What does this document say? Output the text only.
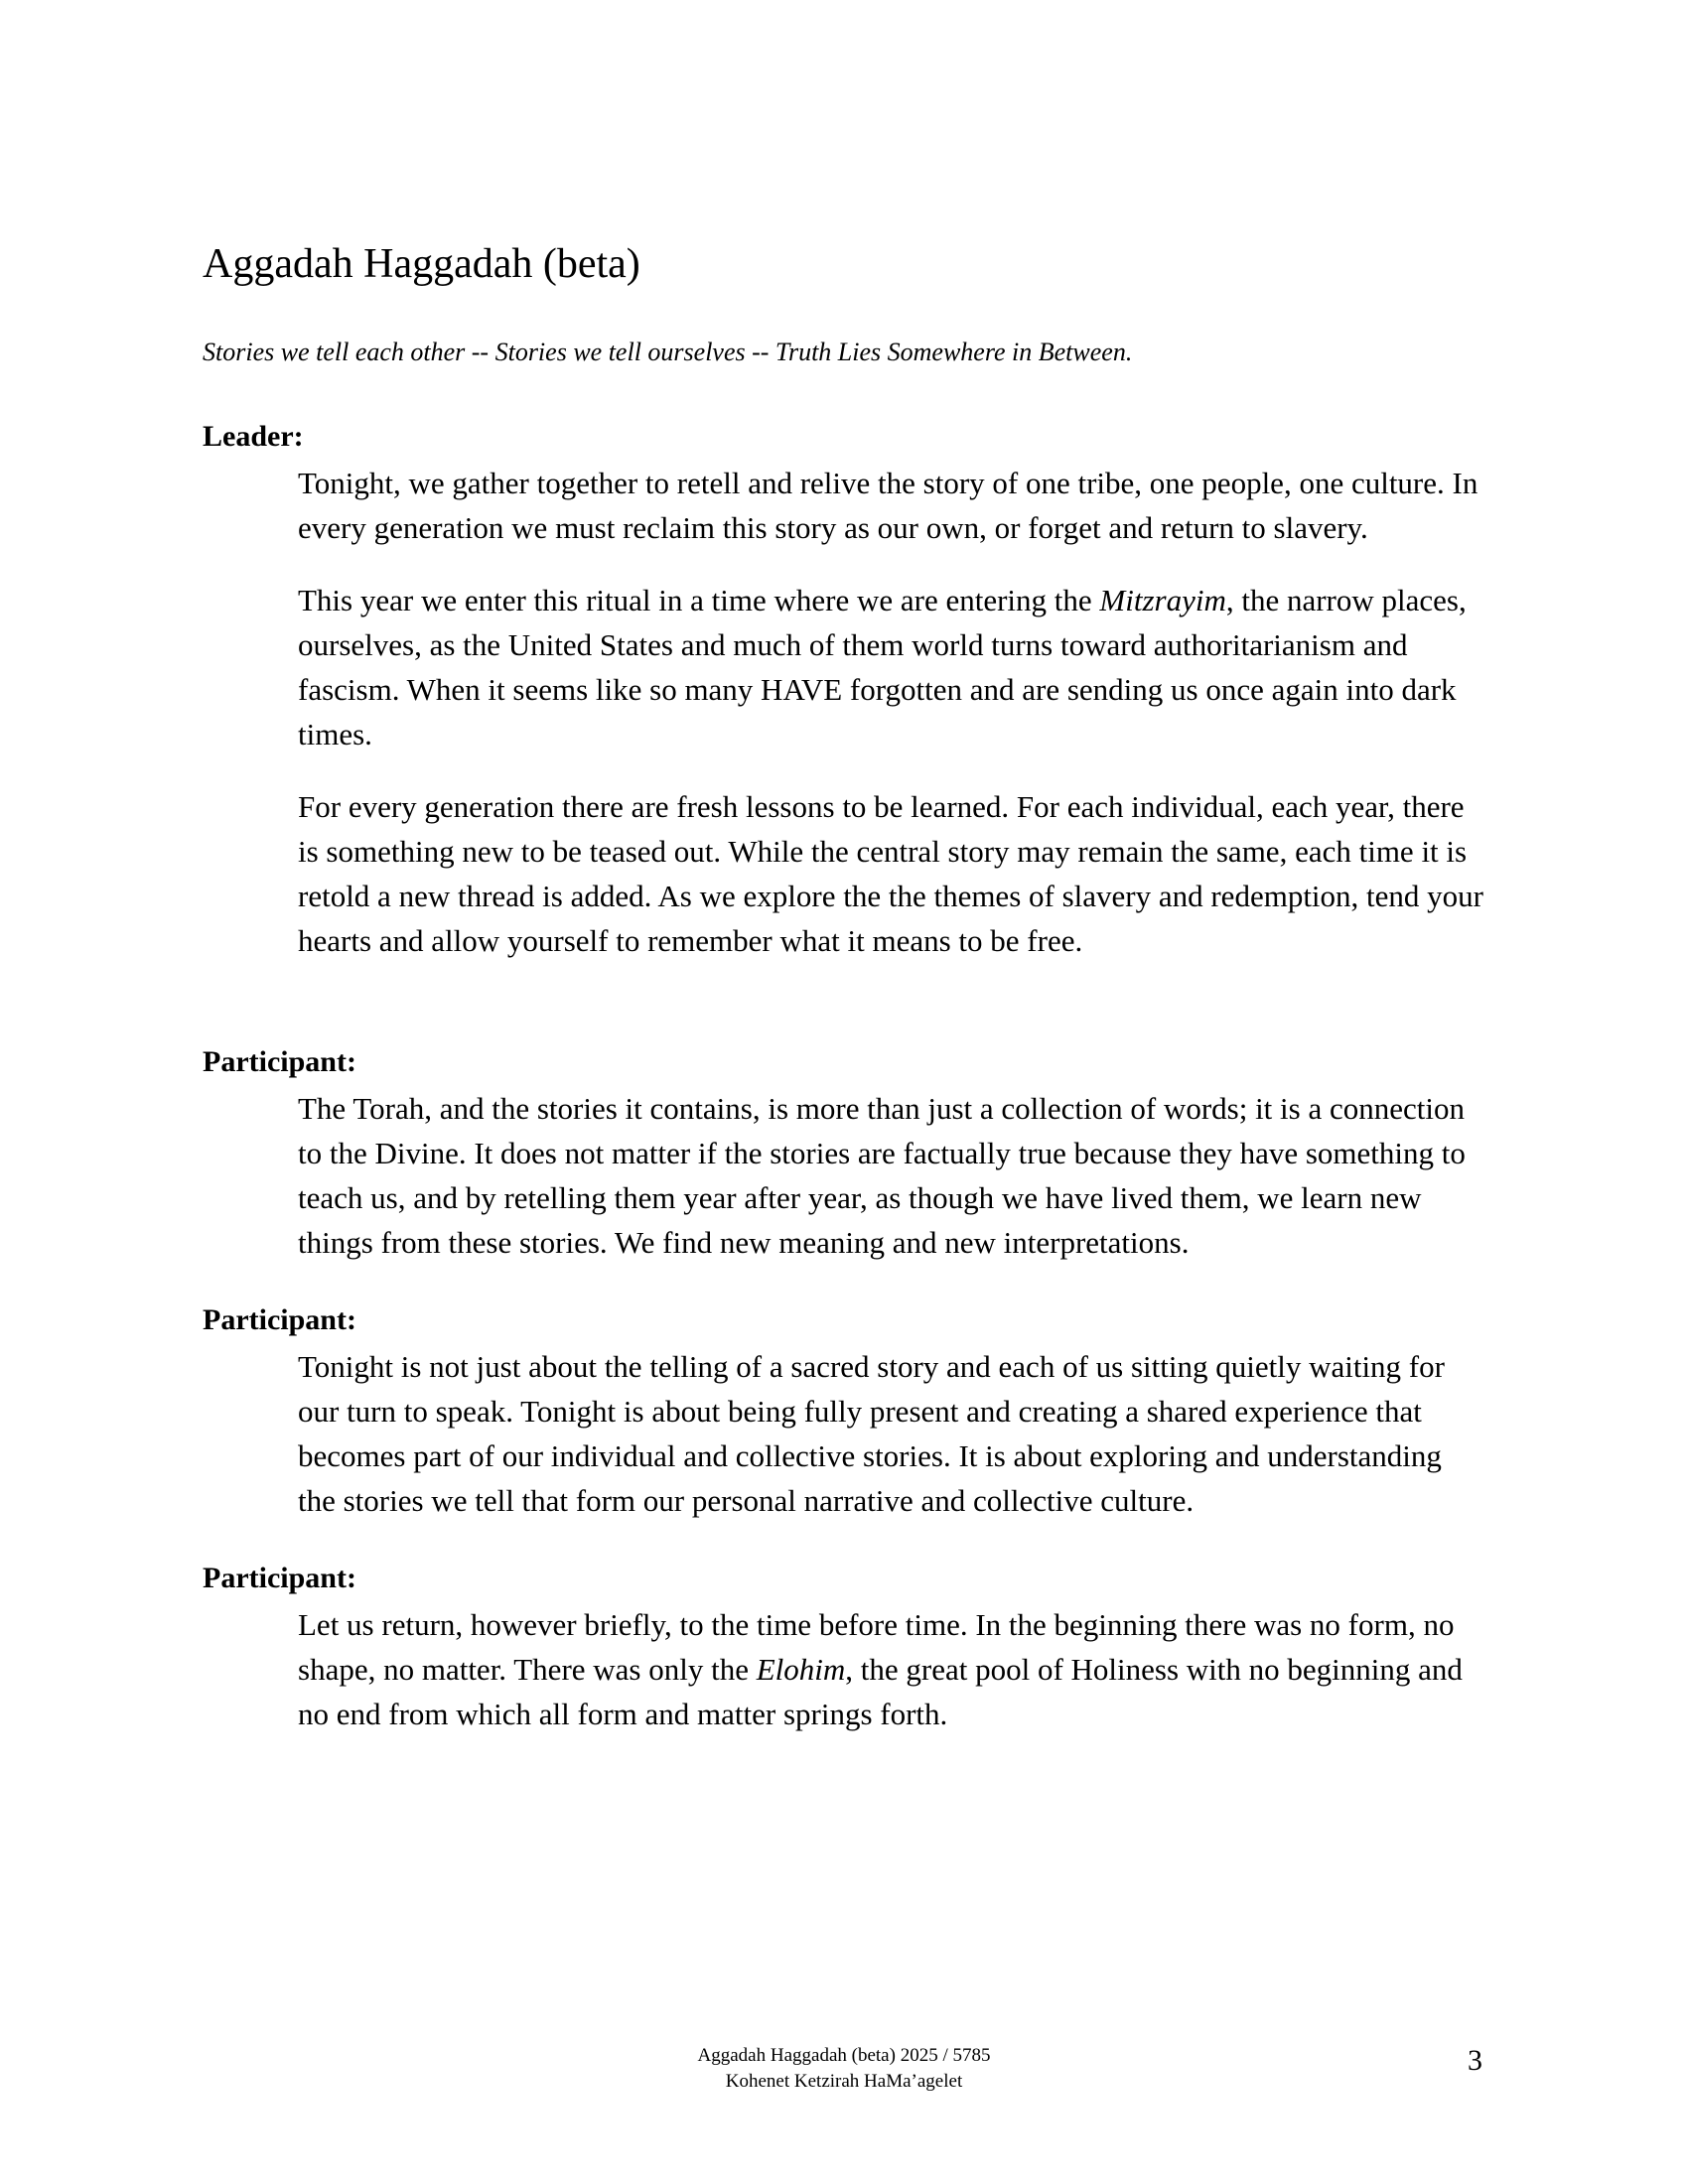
Aggadah Haggadah (beta)

Stories we tell each other -- Stories we tell ourselves -- Truth Lies Somewhere in Between.

Leader:

Tonight, we gather together to retell and relive the story of one tribe, one people, one culture. In every generation we must reclaim this story as our own, or forget and return to slavery.

This year we enter this ritual in a time where we are entering the Mitzrayim, the narrow places, ourselves, as the United States and much of them world turns toward authoritarianism and fascism. When it seems like so many HAVE forgotten and are sending us once again into dark times.

For every generation there are fresh lessons to be learned. For each individual, each year, there is something new to be teased out. While the central story may remain the same, each time it is retold a new thread is added. As we explore the the themes of slavery and redemption, tend your hearts and allow yourself to remember what it means to be free.

Participant:

The Torah, and the stories it contains, is more than just a collection of words; it is a connection to the Divine. It does not matter if the stories are factually true because they have something to teach us, and by retelling them year after year, as though we have lived them, we learn new things from these stories. We find new meaning and new interpretations.

Participant:

Tonight is not just about the telling of a sacred story and each of us sitting quietly waiting for our turn to speak. Tonight is about being fully present and creating a shared experience that becomes part of our individual and collective stories. It is about exploring and understanding the stories we tell that form our personal narrative and collective culture.

Participant:

Let us return, however briefly, to the time before time. In the beginning there was no form, no shape, no matter. There was only the Elohim, the great pool of Holiness with no beginning and no end from which all form and matter springs forth.

Aggadah Haggadah (beta) 2025 / 5785
Kohenet Ketzirah HaMa’agelet
3
